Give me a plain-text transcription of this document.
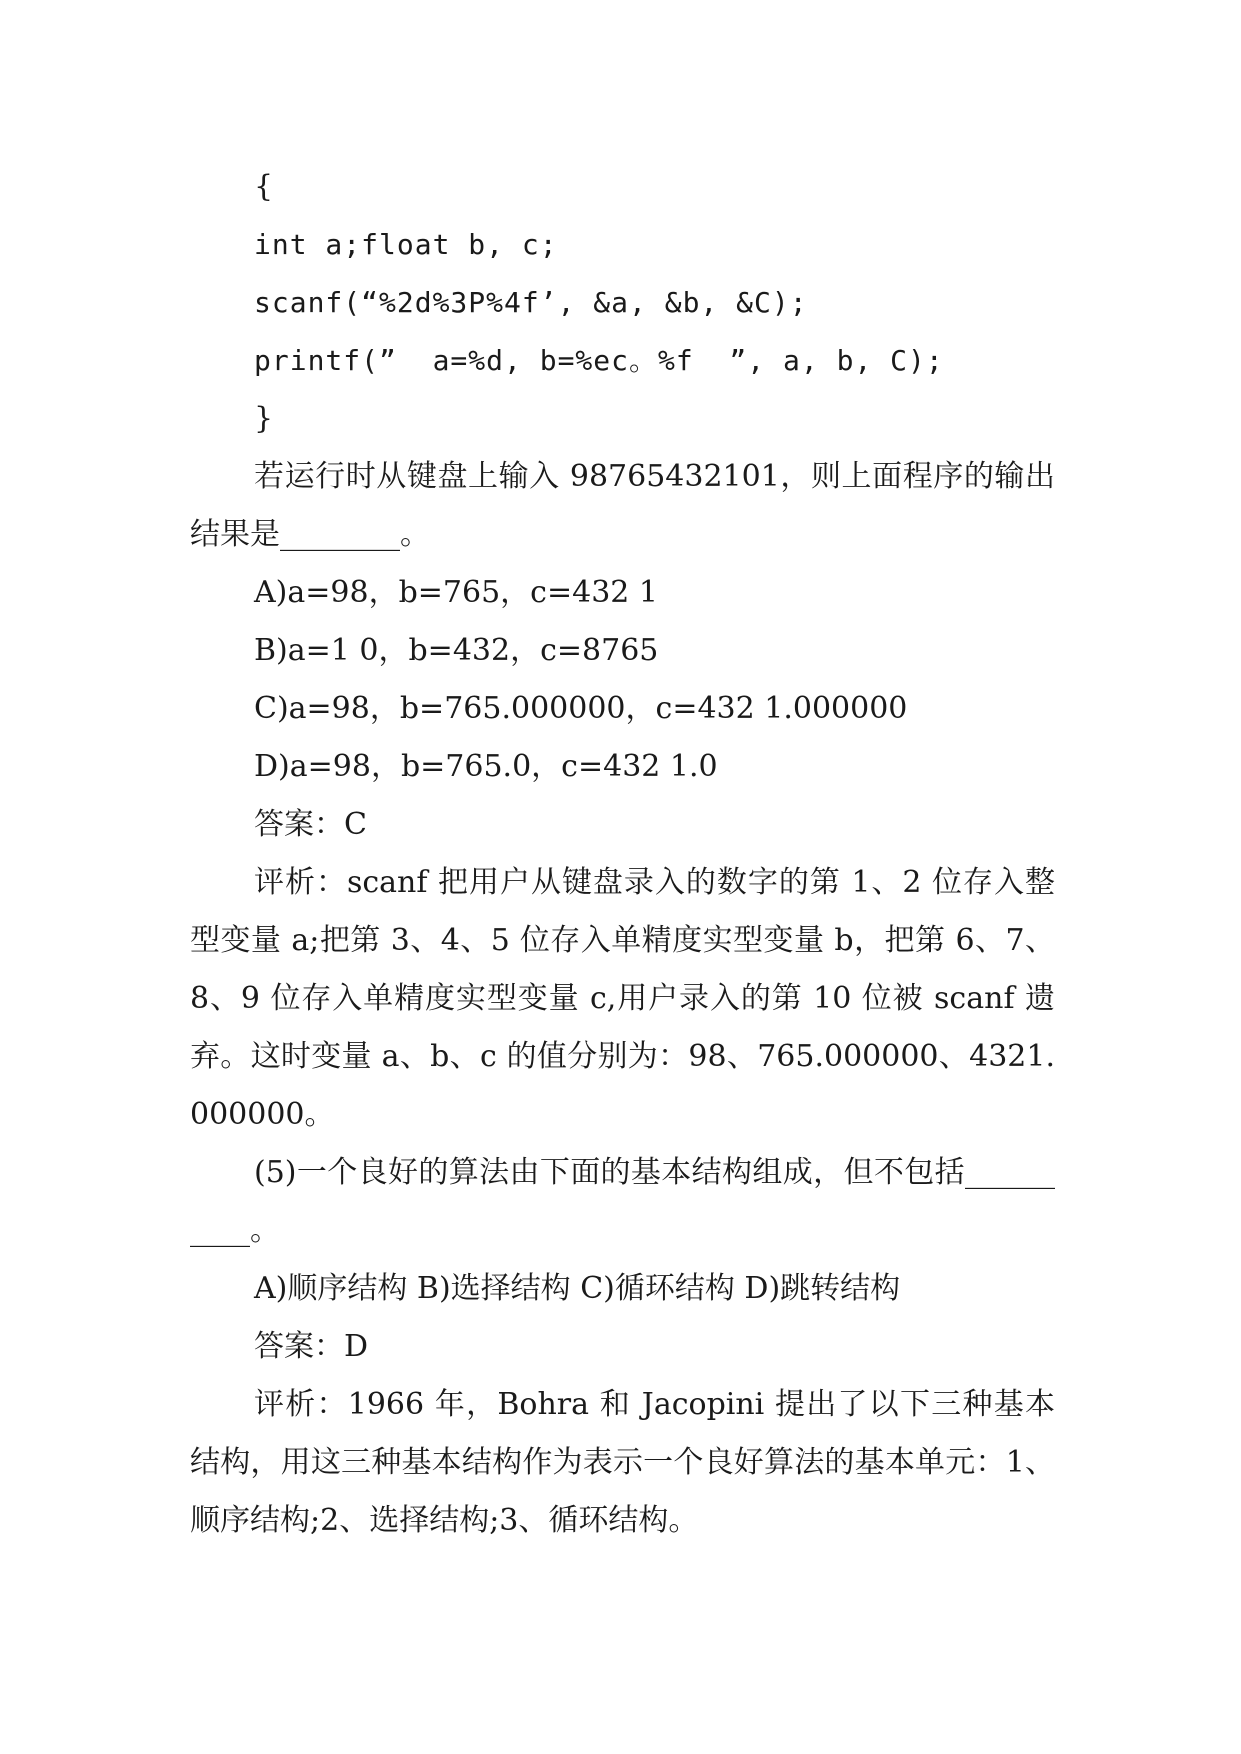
{
int a;float b, c;
scanf(“%2d%3P%4f’, &a, &b, &C);
printf(”  a=%d, b=%ec。%f  ”, a, b, C);
}

若运行时从键盘上输入 98765432101，则上面程序的输出结果是________。

A)a=98，b=765，c=432 1
B)a=1 0，b=432，c=8765
C)a=98，b=765.000000，c=432 1.000000
D)a=98，b=765.0，c=432 1.0
答案：C

评析：scanf 把用户从键盘录入的数字的第 1、2 位存入整型变量 a;把第 3、4、5 位存入单精度实型变量 b，把第 6、7、8、9 位存入单精度实型变量 c,用户录入的第 10 位被 scanf 遗弃。这时变量 a、b、c 的值分别为：98、765.000000、4321.000000。

(5)一个良好的算法由下面的基本结构组成，但不包括__________。

A)顺序结构 B)选择结构 C)循环结构 D)跳转结构
答案：D

评析：1966 年，Bohra 和 Jacopini 提出了以下三种基本结构，用这三种基本结构作为表示一个良好算法的基本单元：1、顺序结构;2、选择结构;3、循环结构。
